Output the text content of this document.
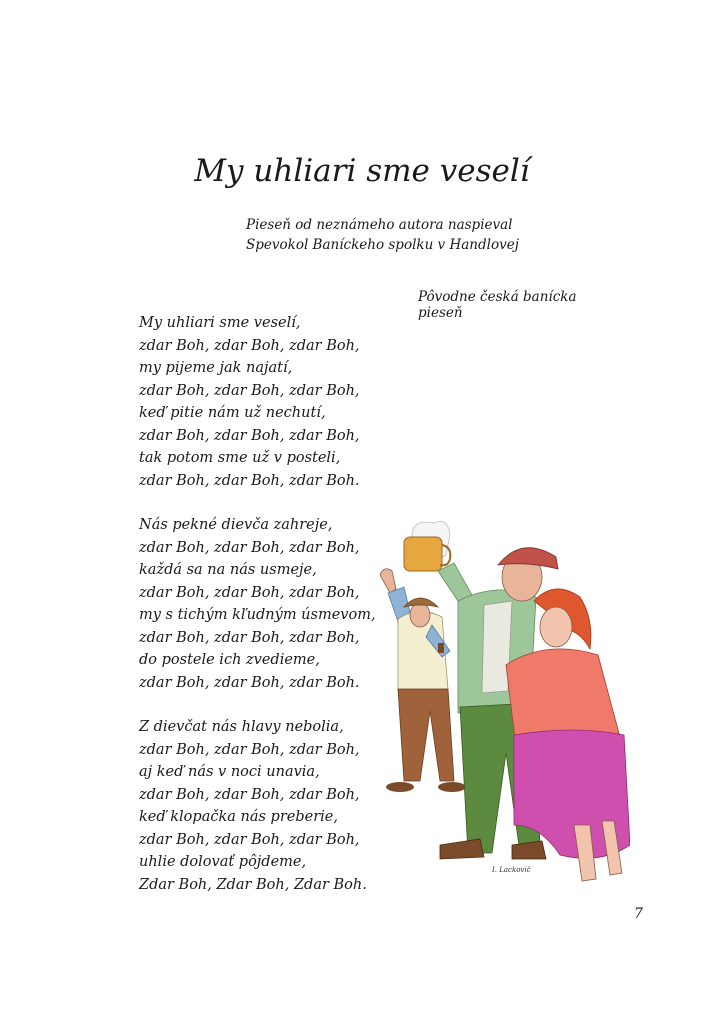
My uhliari sme veselí
Pieseň od neznámeho autora naspieval
Spevokol Baníckeho spolku v Handlovej
Pôvodne česká banícka pieseň
My uhliari sme veselí,
zdar Boh, zdar Boh, zdar Boh,
my pijeme jak najatí,
zdar Boh, zdar Boh, zdar Boh,
keď pitie nám už nechutí,
zdar Boh, zdar Boh, zdar Boh,
tak potom sme už v posteli,
zdar Boh, zdar Boh, zdar Boh.
Nás pekné dievča zahreje,
zdar Boh, zdar Boh, zdar Boh,
každá sa na nás usmeje,
zdar Boh, zdar Boh, zdar Boh,
my s tichým kľudným úsmevom,
zdar Boh, zdar Boh, zdar Boh,
do postele ich zvedieme,
zdar Boh, zdar Boh, zdar Boh.
Z dievčat nás hlavy nebolia,
zdar Boh, zdar Boh, zdar Boh,
aj keď nás v noci unavia,
zdar Boh, zdar Boh, zdar Boh,
keď klopačka nás preberie,
zdar Boh, zdar Boh, zdar Boh,
uhlie dolovať pôjdeme,
Zdar Boh, Zdar Boh, Zdar Boh.
I. Lackovič
7
